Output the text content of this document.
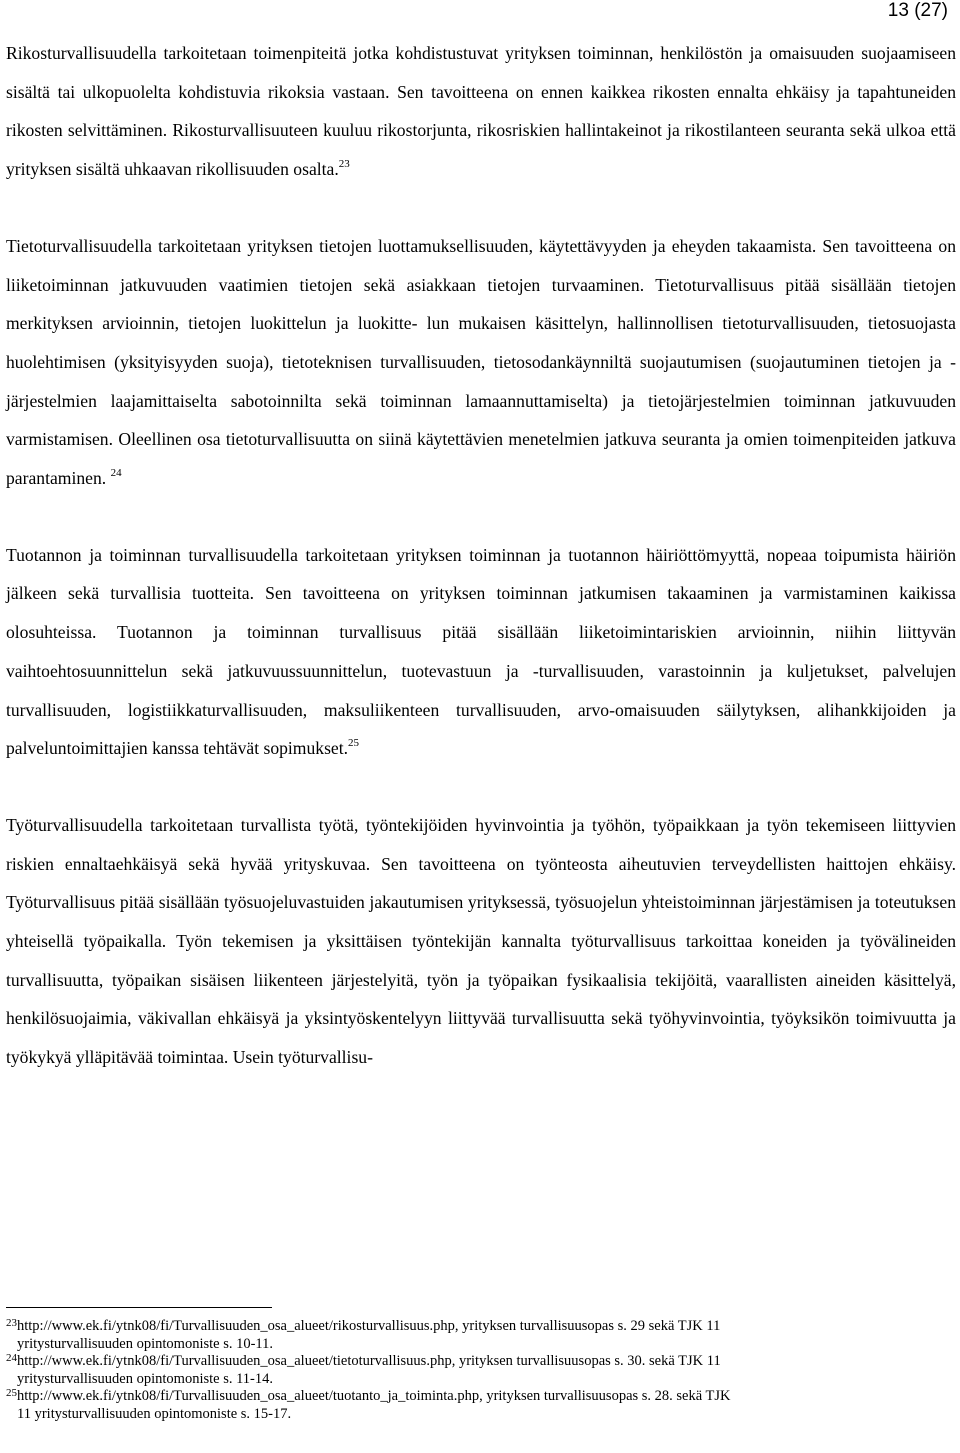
13 (27)

Rikosturvallisuudella tarkoitetaan toimenpiteitä jotka kohdistustuvat yrityksen toiminnan, henkilöstön ja omaisuuden suojaamiseen sisältä tai ulkopuolelta kohdistuvia rikoksia vastaan. Sen tavoitteena on ennen kaikkea rikosten ennalta ehkäisy ja tapahtuneiden rikosten selvittäminen. Rikosturvallisuuteen kuuluu rikostorjunta, rikosriskien hallintakeinot ja rikostilanteen seuranta sekä ulkoa että yrityksen sisältä uhkaavan rikollisuuden osalta.$^{23}$

Tietoturvallisuudella tarkoitetaan yrityksen tietojen luottamuksellisuuden, käytettävyyden ja eheyden takaamista. Sen tavoitteena on liiketoiminnan jatkuvuuden vaatimien tietojen sekä asiakkaan tietojen turvaaminen. Tietoturvallisuus pitää sisällään tietojen merkityksen arvioinnin, tietojen luokittelun ja luokitte- lun mukaisen käsittelyn, hallinnollisen tietoturvallisuuden, tietosuojasta huolehtimisen (yksityisyyden suoja), tietoteknisen turvallisuuden, tietosodankäynniltä suojautumisen (suojautuminen tietojen ja -järjestelmien laajamittaiselta sabotoinnilta sekä toiminnan lamaannuttamiselta) ja tietojärjestelmien toiminnan jatkuvuuden varmistamisen. Oleellinen osa tietoturvallisuutta on siinä käytettävien menetelmien jatkuva seuranta ja omien toimenpiteiden jatkuva parantaminen. $^{24}$

Tuotannon ja toiminnan turvallisuudella tarkoitetaan yrityksen toiminnan ja tuotannon häiriöttömyyttä, nopeaa toipumista häiriön jälkeen sekä turvallisia tuotteita. Sen tavoitteena on yrityksen toiminnan jatkumisen takaaminen ja varmistaminen kaikissa olosuhteissa. Tuotannon ja toiminnan turvallisuus pitää sisällään liiketoimintariskien arvioinnin, niihin liittyvän vaihtoehtosuunnittelun sekä jatkuvuussuunnittelun, tuotevastuun ja -turvallisuuden, varastoinnin ja kuljetukset, palvelujen turvallisuuden, logistiikkaturvallisuuden, maksuliikenteen turvallisuuden, arvo-omaisuuden säilytyksen, alihankkijoiden ja palveluntoimittajien kanssa tehtävät sopimukset.$^{25}$

Työturvallisuudella tarkoitetaan turvallista työtä, työntekijöiden hyvinvointia ja työhön, työpaikkaan ja työn tekemiseen liittyvien riskien ennaltaehkäisyä sekä hyvää yrityskuvaa. Sen tavoitteena on työnteosta aiheutuvien terveydellisten haittojen ehkäisy. Työturvallisuus pitää sisällään työsuojeluvastuiden jakautumisen yrityksessä, työsuojelun yhteistoiminnan järjestämisen ja toteutuksen yhteisellä työpaikalla. Työn tekemisen ja yksittäisen työntekijän kannalta työturvallisuus tarkoittaa koneiden ja työvälineiden turvallisuutta, työpaikan sisäisen liikenteen järjestelyitä, työn ja työpaikan fysikaalisia tekijöitä, vaarallisten aineiden käsittelyä, henkilösuojaimia, väkivallan ehkäisyä ja yksintyöskentelyyn liittyvää turvallisuutta sekä työhyvinvointia, työyksikön toimivuutta ja työkykyä ylläpitävää toimintaa. Usein työturvallisu-

23 http://www.ek.fi/ytnk08/fi/Turvallisuuden_osa_alueet/rikosturvallisuus.php, yrityksen turvallisuusopas s. 29 sekä TJK 11
yritysturvallisuuden opintomoniste s. 10-11.
24 http://www.ek.fi/ytnk08/fi/Turvallisuuden_osa_alueet/tietoturvallisuus.php, yrityksen turvallisuusopas s. 30. sekä TJK 11
yritysturvallisuuden opintomoniste s. 11-14.
25 http://www.ek.fi/ytnk08/fi/Turvallisuuden_osa_alueet/tuotanto_ja_toiminta.php, yrityksen turvallisuusopas s. 28. sekä TJK
11 yritysturvallisuuden opintomoniste s. 15-17.
